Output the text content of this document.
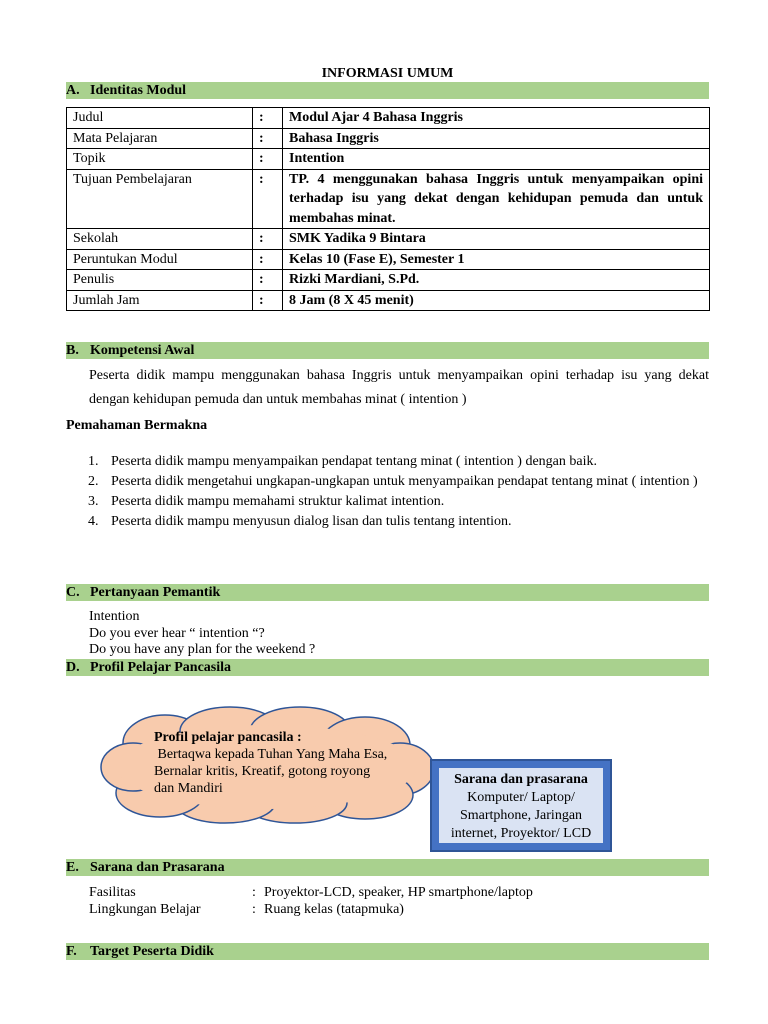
INFORMASI UMUM
A. Identitas Modul
Judul	:	Modul Ajar 4 Bahasa Inggris
Mata Pelajaran	:	Bahasa Inggris
Topik	:	Intention
Tujuan Pembelajaran	:	TP. 4 menggunakan bahasa Inggris untuk menyampaikan opini terhadap isu yang dekat dengan kehidupan pemuda dan untuk membahas minat.
Sekolah	:	SMK Yadika 9 Bintara
Peruntukan Modul	:	Kelas 10 (Fase E), Semester 1
Penulis	:	Rizki Mardiani, S.Pd.
Jumlah Jam	:	8 Jam (8 X 45 menit)
B. Kompetensi Awal
Peserta didik mampu menggunakan bahasa Inggris untuk menyampaikan opini terhadap isu yang dekat dengan kehidupan pemuda dan untuk membahas minat ( intention )
Pemahaman Bermakna
1. Peserta didik mampu menyampaikan pendapat tentang minat ( intention ) dengan baik.
2. Peserta didik mengetahui ungkapan-ungkapan untuk menyampaikan pendapat tentang minat ( intention )
3. Peserta didik mampu memahami struktur kalimat intention.
4. Peserta didik mampu menyusun dialog lisan dan tulis tentang intention.
C. Pertanyaan Pemantik
Intention
Do you ever hear “ intention “?
Do you have any plan for the weekend ?
D. Profil Pelajar Pancasila
Profil pelajar pancasila :
Bertaqwa kepada Tuhan Yang Maha Esa,
Bernalar kritis, Kreatif, gotong royong
dan Mandiri
Sarana dan prasarana
Komputer/ Laptop/
Smartphone, Jaringan
internet, Proyektor/ LCD
E. Sarana dan Prasarana
Fasilitas	: Proyektor-LCD, speaker, HP smartphone/laptop
Lingkungan Belajar	: Ruang kelas (tatapmuka)
F. Target Peserta Didik
